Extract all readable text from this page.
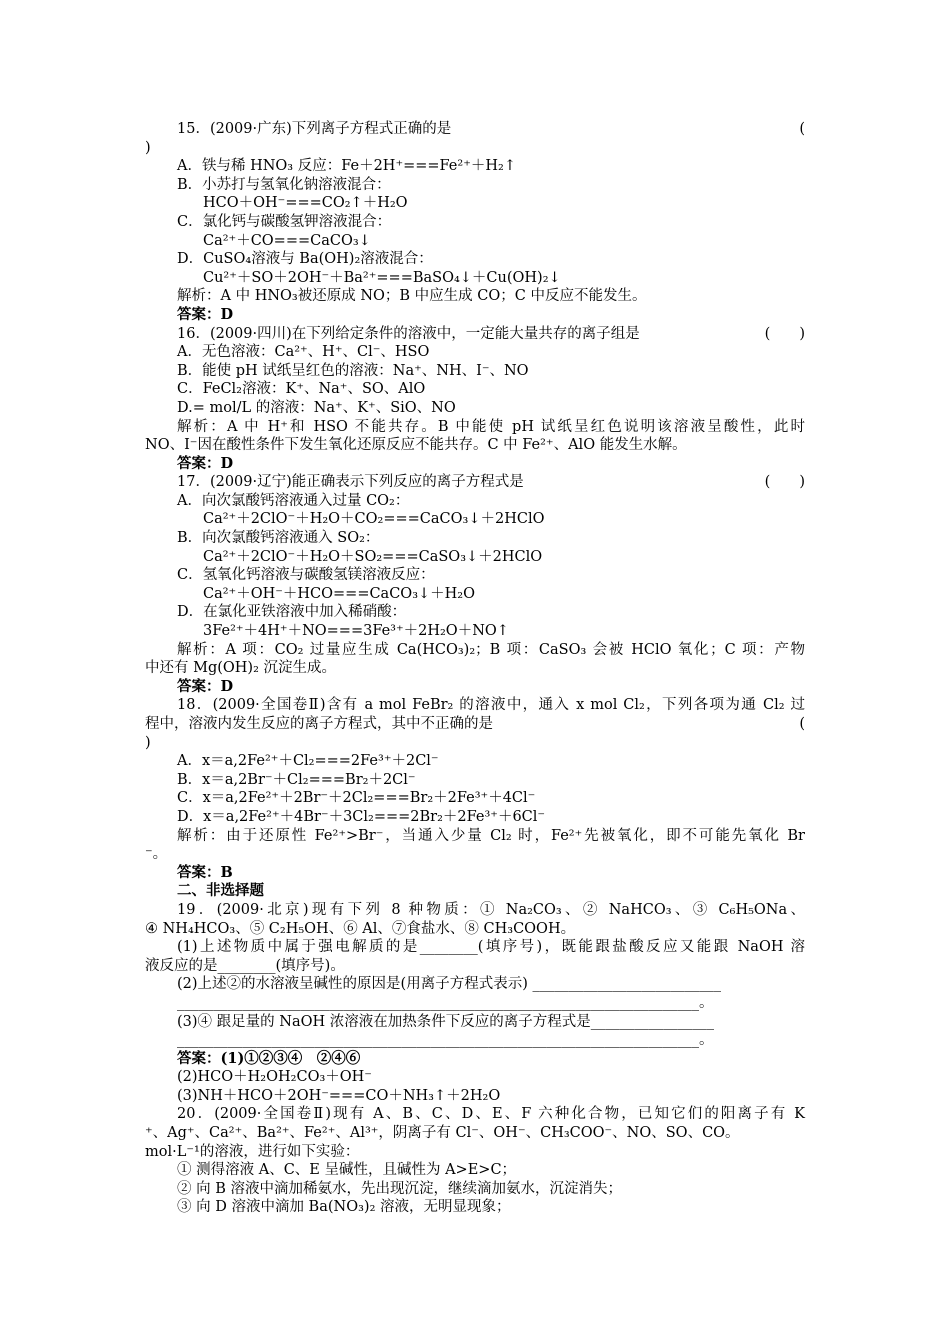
15．(2009·广东)下列离子方程式正确的是	(
)
A．铁与稀 HNO₃ 反应：Fe＋2H⁺===Fe²⁺＋H₂↑
B．小苏打与氢氧化钠溶液混合：
HCO＋OH⁻===CO₂↑＋H₂O
C．氯化钙与碳酸氢钾溶液混合：
Ca²⁺＋CO===CaCO₃↓
D．CuSO₄溶液与 Ba(OH)₂溶液混合：
Cu²⁺＋SO＋2OH⁻＋Ba²⁺===BaSO₄↓＋Cu(OH)₂↓
解析：A 中 HNO₃被还原成 NO；B 中应生成 CO；C 中反应不能发生。
答案：D
16．(2009·四川)在下列给定条件的溶液中，一定能大量共存的离子组是	(　　)
A．无色溶液：Ca²⁺、H⁺、Cl⁻、HSO
B．能使 pH 试纸呈红色的溶液：Na⁺、NH、I⁻、NO
C．FeCl₂溶液：K⁺、Na⁺、SO、AlO
D.= mol/L 的溶液：Na⁺、K⁺、SiO、NO
解析：A 中 H⁺和 HSO 不能共存。B 中能使 pH 试纸呈红色说明该溶液呈酸性，此时
NO、I⁻因在酸性条件下发生氧化还原反应不能共存。C 中 Fe²⁺、AlO 能发生水解。
答案：D
17．(2009·辽宁)能正确表示下列反应的离子方程式是	(　　)
A．向次氯酸钙溶液通入过量 CO₂：
Ca²⁺＋2ClO⁻＋H₂O＋CO₂===CaCO₃↓＋2HClO
B．向次氯酸钙溶液通入 SO₂：
Ca²⁺＋2ClO⁻＋H₂O＋SO₂===CaSO₃↓＋2HClO
C．氢氧化钙溶液与碳酸氢镁溶液反应：
Ca²⁺＋OH⁻＋HCO===CaCO₃↓＋H₂O
D．在氯化亚铁溶液中加入稀硝酸：
3Fe²⁺＋4H⁺＋NO===3Fe³⁺＋2H₂O＋NO↑
解析：A 项：CO₂ 过量应生成 Ca(HCO₃)₂；B 项：CaSO₃ 会被 HClO 氧化；C 项：产物
中还有 Mg(OH)₂ 沉淀生成。
答案：D
18．(2009·全国卷Ⅱ)含有 a mol FeBr₂ 的溶液中，通入 x mol Cl₂，下列各项为通 Cl₂ 过
程中，溶液内发生反应的离子方程式，其中不正确的是	(
)
A．x＝a,2Fe²⁺＋Cl₂===2Fe³⁺＋2Cl⁻
B．x＝a,2Br⁻＋Cl₂===Br₂＋2Cl⁻
C．x＝a,2Fe²⁺＋2Br⁻＋2Cl₂===Br₂＋2Fe³⁺＋4Cl⁻
D．x＝a,2Fe²⁺＋4Br⁻＋3Cl₂===2Br₂＋2Fe³⁺＋6Cl⁻
解析：由于还原性 Fe²⁺>Br⁻，当通入少量 Cl₂ 时，Fe²⁺先被氧化，即不可能先氧化 Br
⁻。
答案：B
二、非选择题
19．(2009·北京)现有下列 8 种物质：① Na₂CO₃、② NaHCO₃、③ C₆H₅ONa、
④ NH₄HCO₃、⑤ C₂H₅OH、⑥ Al、⑦食盐水、⑧ CH₃COOH。
(1)上述物质中属于强电解质的是________(填序号)，既能跟盐酸反应又能跟 NaOH 溶
液反应的是________(填序号)。
(2)上述②的水溶液呈碱性的原因是(用离子方程式表示) __________________________
________________________________________________________________________。
(3)④ 跟足量的 NaOH 浓溶液在加热条件下反应的离子方程式是_________________
________________________________________________________________________。
答案：(1)①②③④　②④⑥
(2)HCO＋H₂OH₂CO₃＋OH⁻
(3)NH＋HCO＋2OH⁻===CO＋NH₃↑＋2H₂O
20．(2009·全国卷Ⅱ)现有 A、B、C、D、E、F 六种化合物，已知它们的阳离子有 K
⁺、Ag⁺、Ca²⁺、Ba²⁺、Fe²⁺、Al³⁺，阴离子有 Cl⁻、OH⁻、CH₃COO⁻、NO、SO、CO。
mol·L⁻¹的溶液，进行如下实验：
① 测得溶液 A、C、E 呈碱性，且碱性为 A>E>C；
② 向 B 溶液中滴加稀氨水，先出现沉淀，继续滴加氨水，沉淀消失；
③ 向 D 溶液中滴加 Ba(NO₃)₂ 溶液，无明显现象；
